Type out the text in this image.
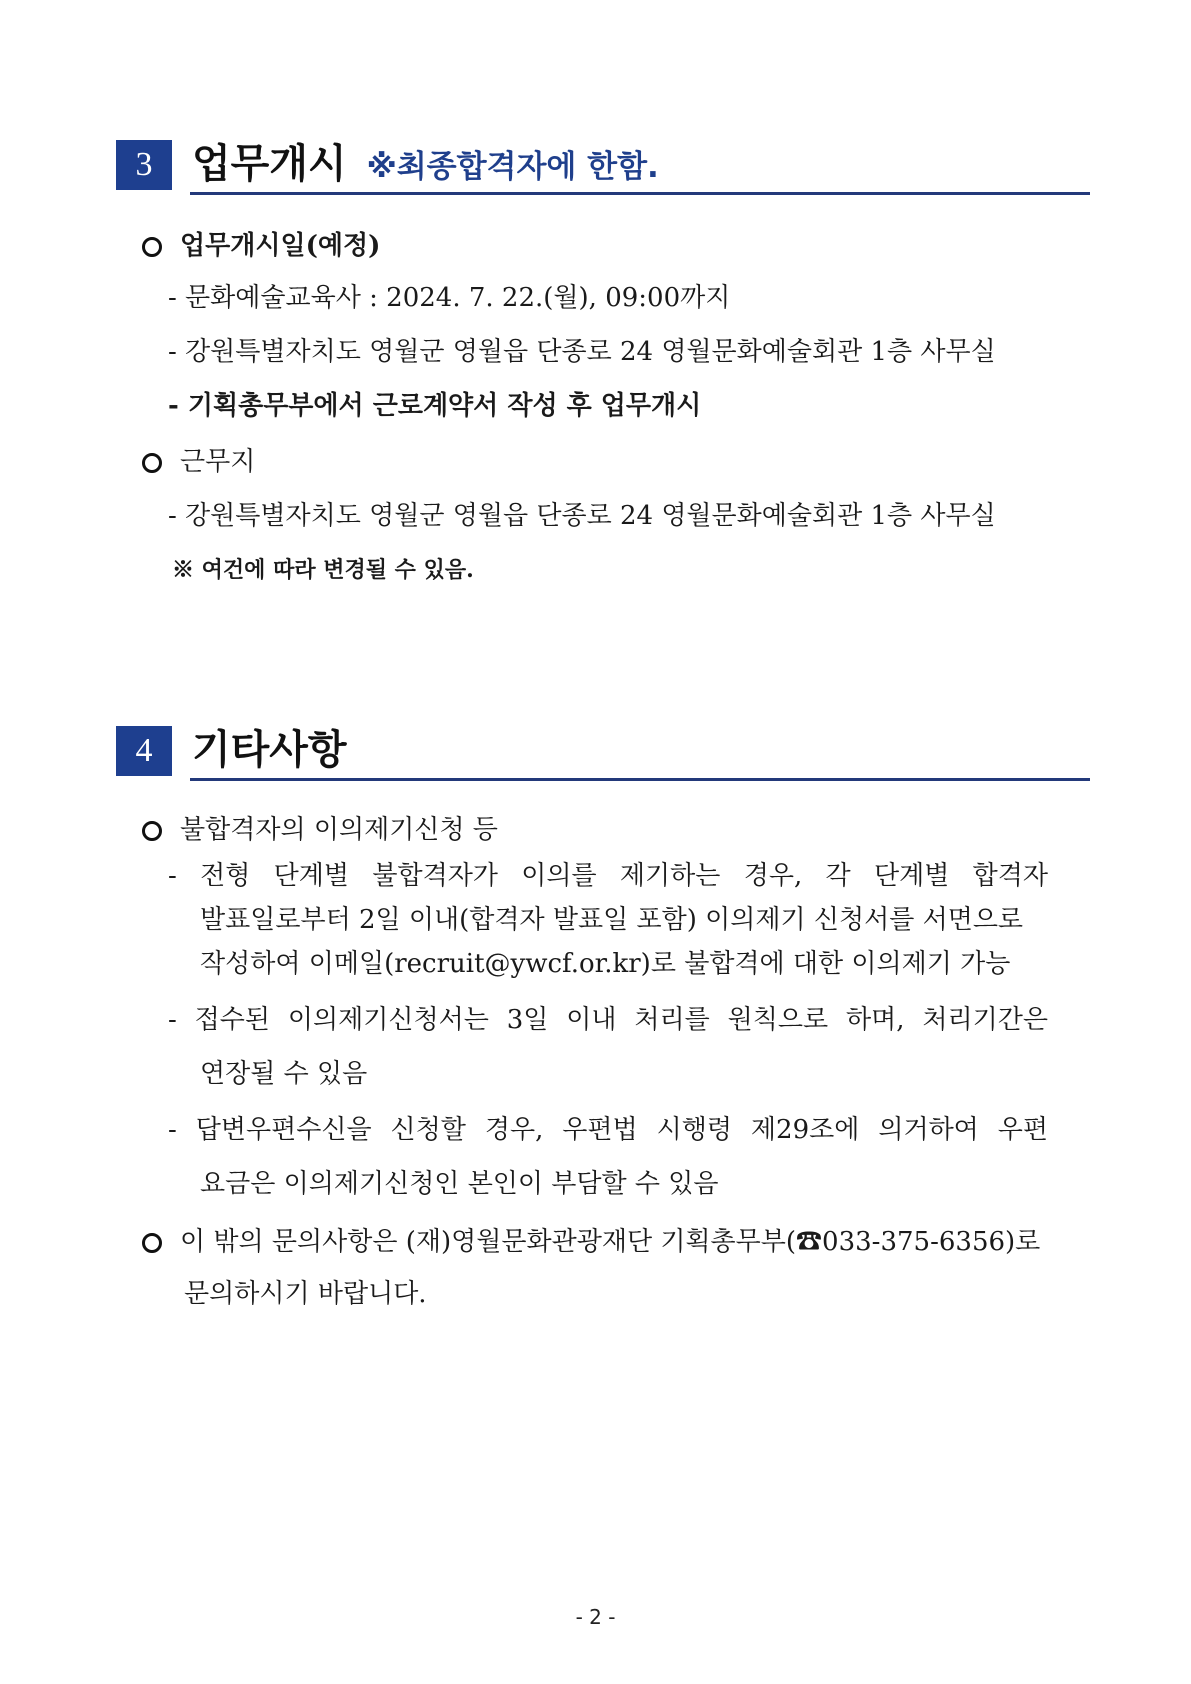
3 업무개시 ※최종합격자에 한함.
업무개시일(예정)
- 문화예술교육사 : 2024. 7. 22.(월), 09:00까지
- 강원특별자치도 영월군 영월읍 단종로 24 영월문화예술회관 1층 사무실
- 기획총무부에서 근로계약서 작성 후 업무개시
근무지
- 강원특별자치도 영월군 영월읍 단종로 24 영월문화예술회관 1층 사무실
※ 여건에 따라 변경될 수 있음.
4 기타사항
불합격자의 이의제기신청 등
- 전형 단계별 불합격자가 이의를 제기하는 경우, 각 단계별 합격자
발표일로부터 2일 이내(합격자 발표일 포함) 이의제기 신청서를 서면으로
작성하여 이메일(recruit@ywcf.or.kr)로 불합격에 대한 이의제기 가능
- 접수된 이의제기신청서는 3일 이내 처리를 원칙으로 하며, 처리기간은
연장될 수 있음
- 답변우편수신을 신청할 경우, 우편법 시행령 제29조에 의거하여 우편
요금은 이의제기신청인 본인이 부담할 수 있음
이 밖의 문의사항은 (재)영월문화관광재단 기획총무부(☎033-375-6356)로
문의하시기 바랍니다.
- 2 -
